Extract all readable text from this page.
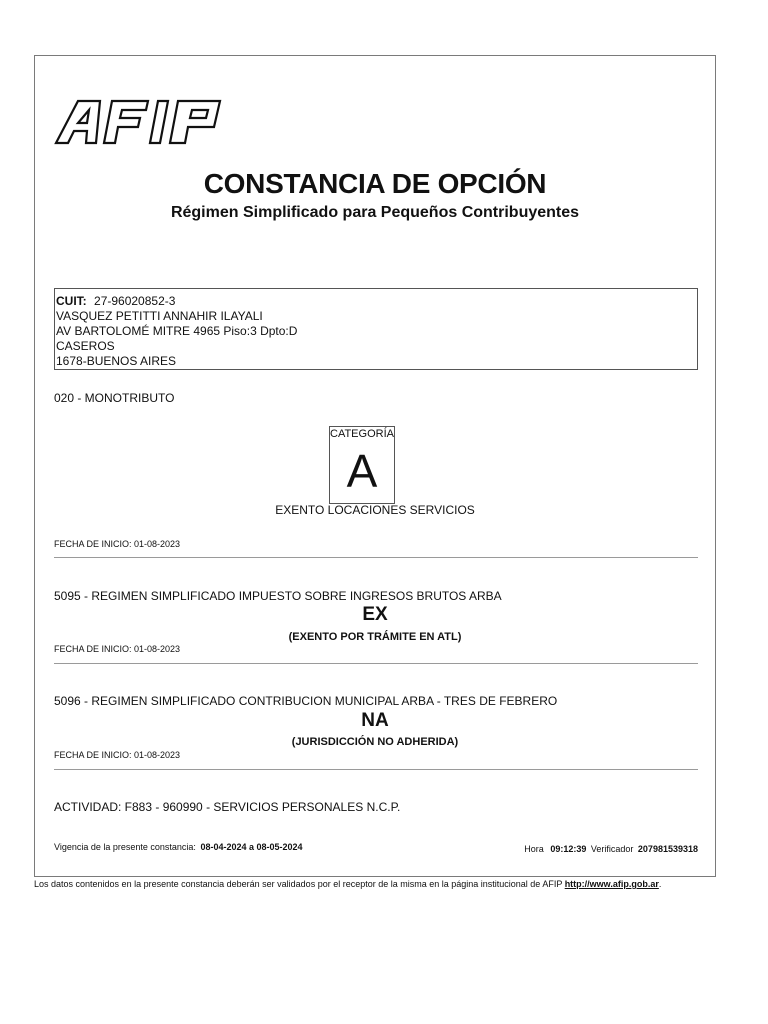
CONSTANCIA DE OPCIÓN
Régimen Simplificado para Pequeños Contribuyentes
CUIT: 27-96020852-3
VASQUEZ PETITTI ANNAHIR ILAYALI
AV BARTOLOMÉ MITRE 4965 Piso:3 Dpto:D
CASEROS
1678-BUENOS AIRES
020 - MONOTRIBUTO
CATEGORÍA
A
EXENTO LOCACIONES SERVICIOS
FECHA DE INICIO: 01-08-2023
5095 - REGIMEN SIMPLIFICADO IMPUESTO SOBRE INGRESOS BRUTOS ARBA
EX
(EXENTO POR TRÁMITE EN ATL)
FECHA DE INICIO: 01-08-2023
5096 - REGIMEN SIMPLIFICADO CONTRIBUCION MUNICIPAL ARBA - TRES DE FEBRERO
NA
(JURISDICCIÓN NO ADHERIDA)
FECHA DE INICIO: 01-08-2023
ACTIVIDAD: F883 - 960990 - SERVICIOS PERSONALES N.C.P.
Vigencia de la presente constancia: 08-04-2024 a 08-05-2024	Hora 09:12:39 Verificador 207981539318
Los datos contenidos en la presente constancia deberán ser validados por el receptor de la misma en la página institucional de AFIP http://www.afip.gob.ar.
